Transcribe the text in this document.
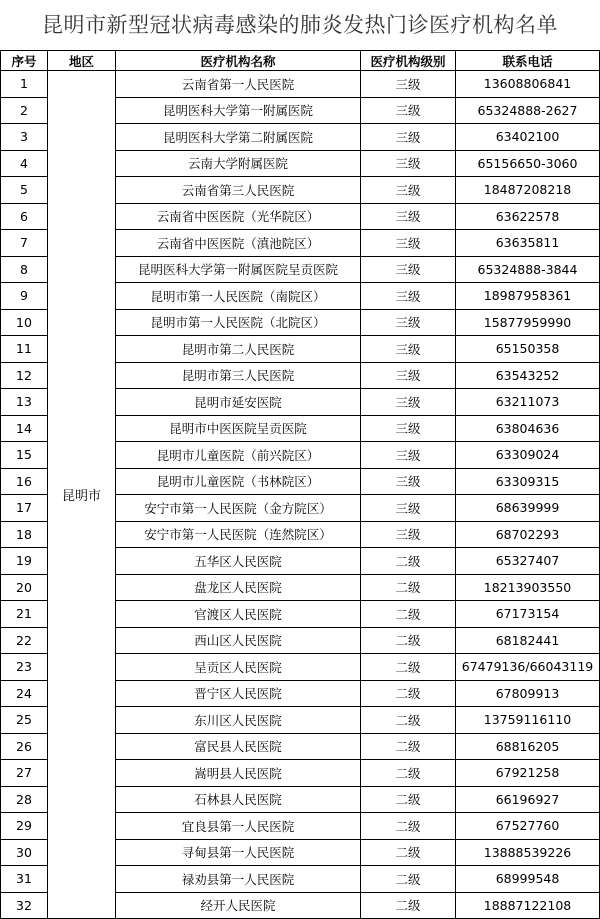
昆明市新型冠状病毒感染的肺炎发热门诊医疗机构名单
序号	地区	医疗机构名称	医疗机构级别	联系电话
1	昆明市	云南省第一人民医院	三级	13608806841
2		昆明医科大学第一附属医院	三级	65324888-2627
3		昆明医科大学第二附属医院	三级	63402100
4		云南大学附属医院	三级	65156650-3060
5		云南省第三人民医院	三级	18487208218
6		云南省中医医院（光华院区）	三级	63622578
7		云南省中医医院（滇池院区）	三级	63635811
8		昆明医科大学第一附属医院呈贡医院	三级	65324888-3844
9		昆明市第一人民医院（南院区）	三级	18987958361
10		昆明市第一人民医院（北院区）	三级	15877959990
11		昆明市第二人民医院	三级	65150358
12		昆明市第三人民医院	三级	63543252
13		昆明市延安医院	三级	63211073
14		昆明市中医医院呈贡医院	三级	63804636
15		昆明市儿童医院（前兴院区）	三级	63309024
16		昆明市儿童医院（书林院区）	三级	63309315
17		安宁市第一人民医院（金方院区）	三级	68639999
18		安宁市第一人民医院（连然院区）	三级	68702293
19		五华区人民医院	二级	65327407
20		盘龙区人民医院	二级	18213903550
21		官渡区人民医院	二级	67173154
22		西山区人民医院	二级	68182441
23		呈贡区人民医院	二级	67479136/66043119
24		晋宁区人民医院	二级	67809913
25		东川区人民医院	二级	13759116110
26		富民县人民医院	二级	68816205
27		嵩明县人民医院	二级	67921258
28		石林县人民医院	二级	66196927
29		宜良县第一人民医院	二级	67527760
30		寻甸县第一人民医院	二级	13888539226
31		禄劝县第一人民医院	二级	68999548
32		经开人民医院	二级	18887122108
